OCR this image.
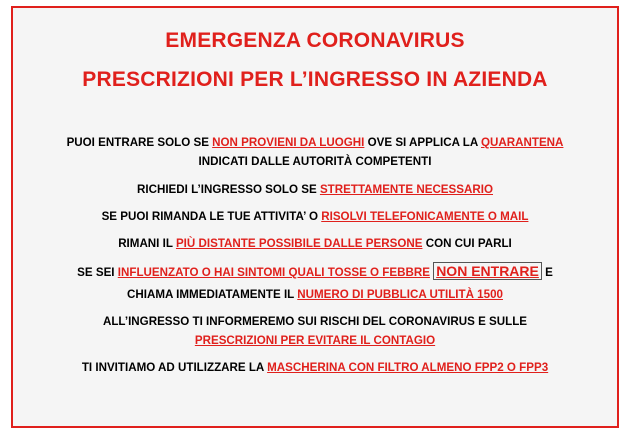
EMERGENZA CORONAVIRUS
PRESCRIZIONI PER L’INGRESSO IN AZIENDA
PUOI ENTRARE SOLO SE NON PROVIENI DA LUOGHI OVE SI APPLICA LA QUARANTENA
INDICATI DALLE AUTORITÀ COMPETENTI
RICHIEDI L’INGRESSO SOLO SE STRETTAMENTE NECESSARIO
SE PUOI RIMANDA LE TUE ATTIVITA’ O RISOLVI TELEFONICAMENTE O MAIL
RIMANI IL PIÙ DISTANTE POSSIBILE DALLE PERSONE CON CUI PARLI
SE SEI INFLUENZATO O HAI SINTOMI QUALI TOSSE O FEBBRE NON ENTRARE E
CHIAMA IMMEDIATAMENTE IL NUMERO DI PUBBLICA UTILITÀ 1500
ALL’INGRESSO TI INFORMEREMO SUI RISCHI DEL CORONAVIRUS E SULLE
PRESCRIZIONI PER EVITARE IL CONTAGIO
TI INVITIAMO AD UTILIZZARE LA MASCHERINA CON FILTRO ALMENO FPP2 O FPP3
